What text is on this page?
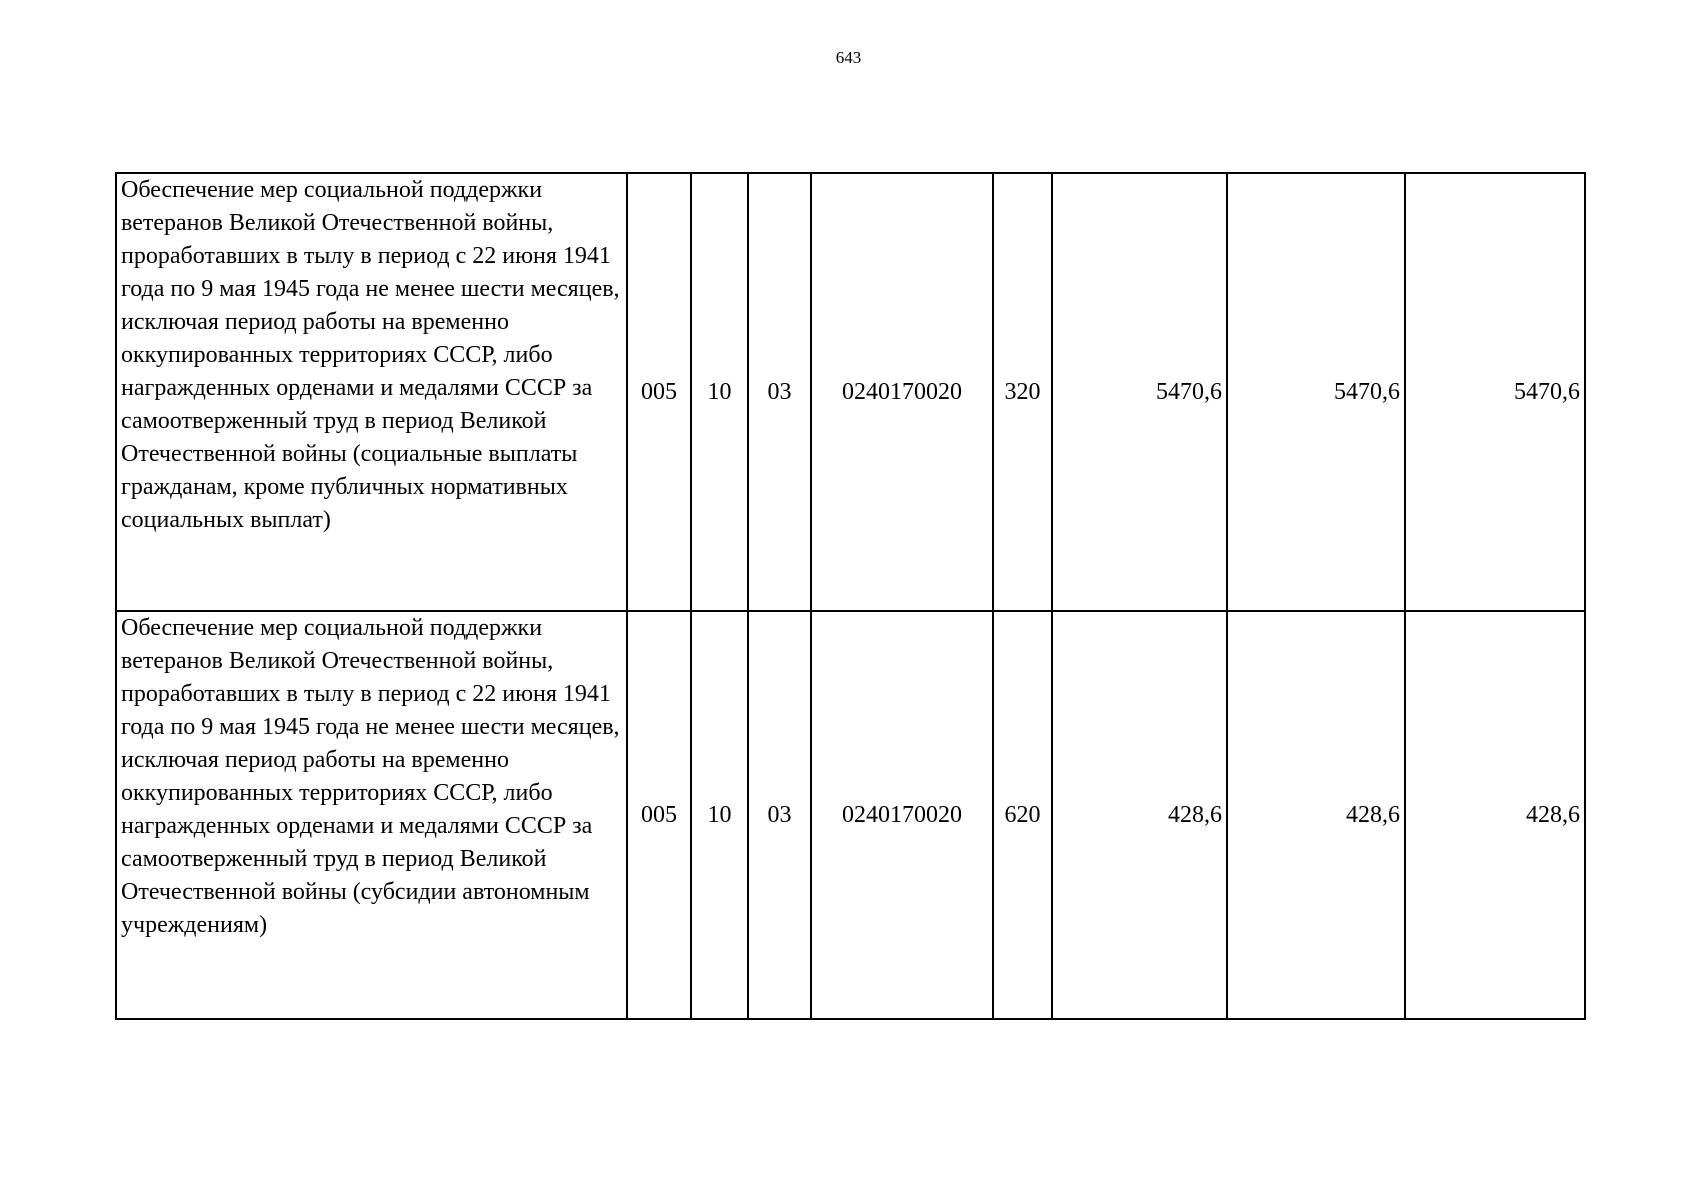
643
Обеспечение мер социальной поддержки ветеранов Великой Отечественной войны, проработавших в тылу в период с 22 июня 1941 года по 9 мая 1945 года не менее шести месяцев, исключая период работы на временно оккупированных территориях СССР, либо награжденных орденами и медалями СССР за самоотверженный труд в период Великой Отечественной войны (социальные выплаты гражданам, кроме публичных нормативных социальных выплат)	005	10	03	0240170020	320	5470,6	5470,6	5470,6
Обеспечение мер социальной поддержки ветеранов Великой Отечественной войны, проработавших в тылу в период с 22 июня 1941 года по 9 мая 1945 года не менее шести месяцев, исключая период работы на временно оккупированных территориях СССР, либо награжденных орденами и медалями СССР за самоотверженный труд в период Великой Отечественной войны (субсидии автономным учреждениям)	005	10	03	0240170020	620	428,6	428,6	428,6
